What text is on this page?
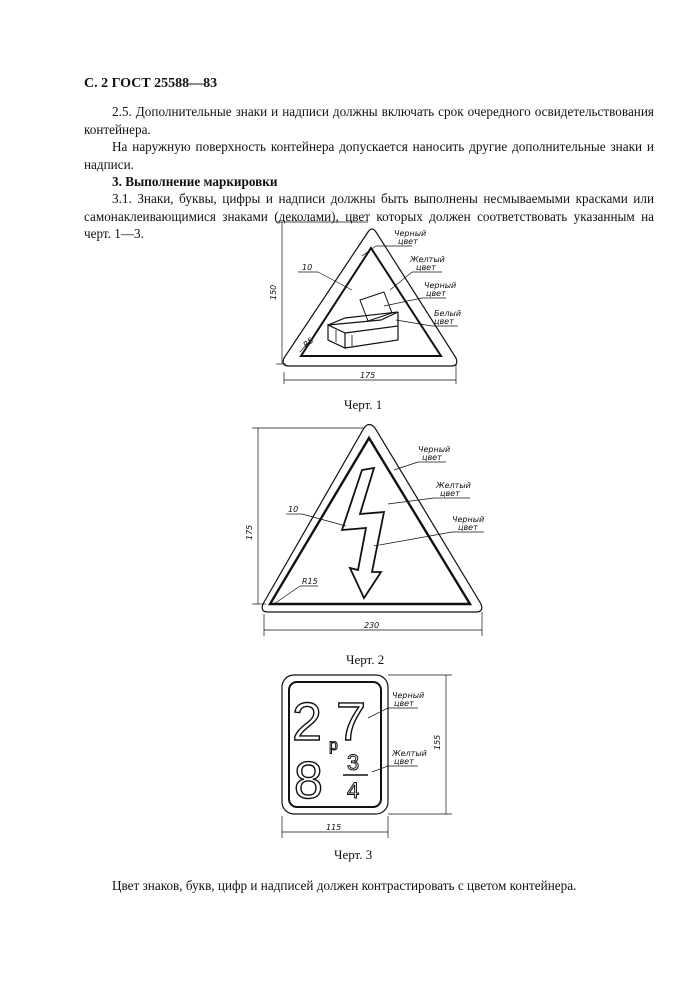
С. 2 ГОСТ 25588—83

2.5. Дополнительные знаки и надписи должны включать срок очередного освидетельствования контейнера.

На наружную поверхность контейнера допускается наносить другие дополнительные знаки и надписи.

3. Выполнение маркировки

3.1. Знаки, буквы, цифры и надписи должны быть выполнены несмываемыми красками или самонаклеивающимися знаками (деколами), цвет которых должен соответствовать указанным на черт. 1—3.

150
175
10
R5
Черный цвет
Желтый цвет
Черный цвет
Белый цвет
175
230
10
R15
Черный цвет
Желтый цвет
Черный цвет
2 7
p
8 3
4
155
115
Черный цвет
Желтый цвет
Черт. 1
Черт. 2
Черт. 3

Цвет знаков, букв, цифр и надписей должен контрастировать с цветом контейнера.
